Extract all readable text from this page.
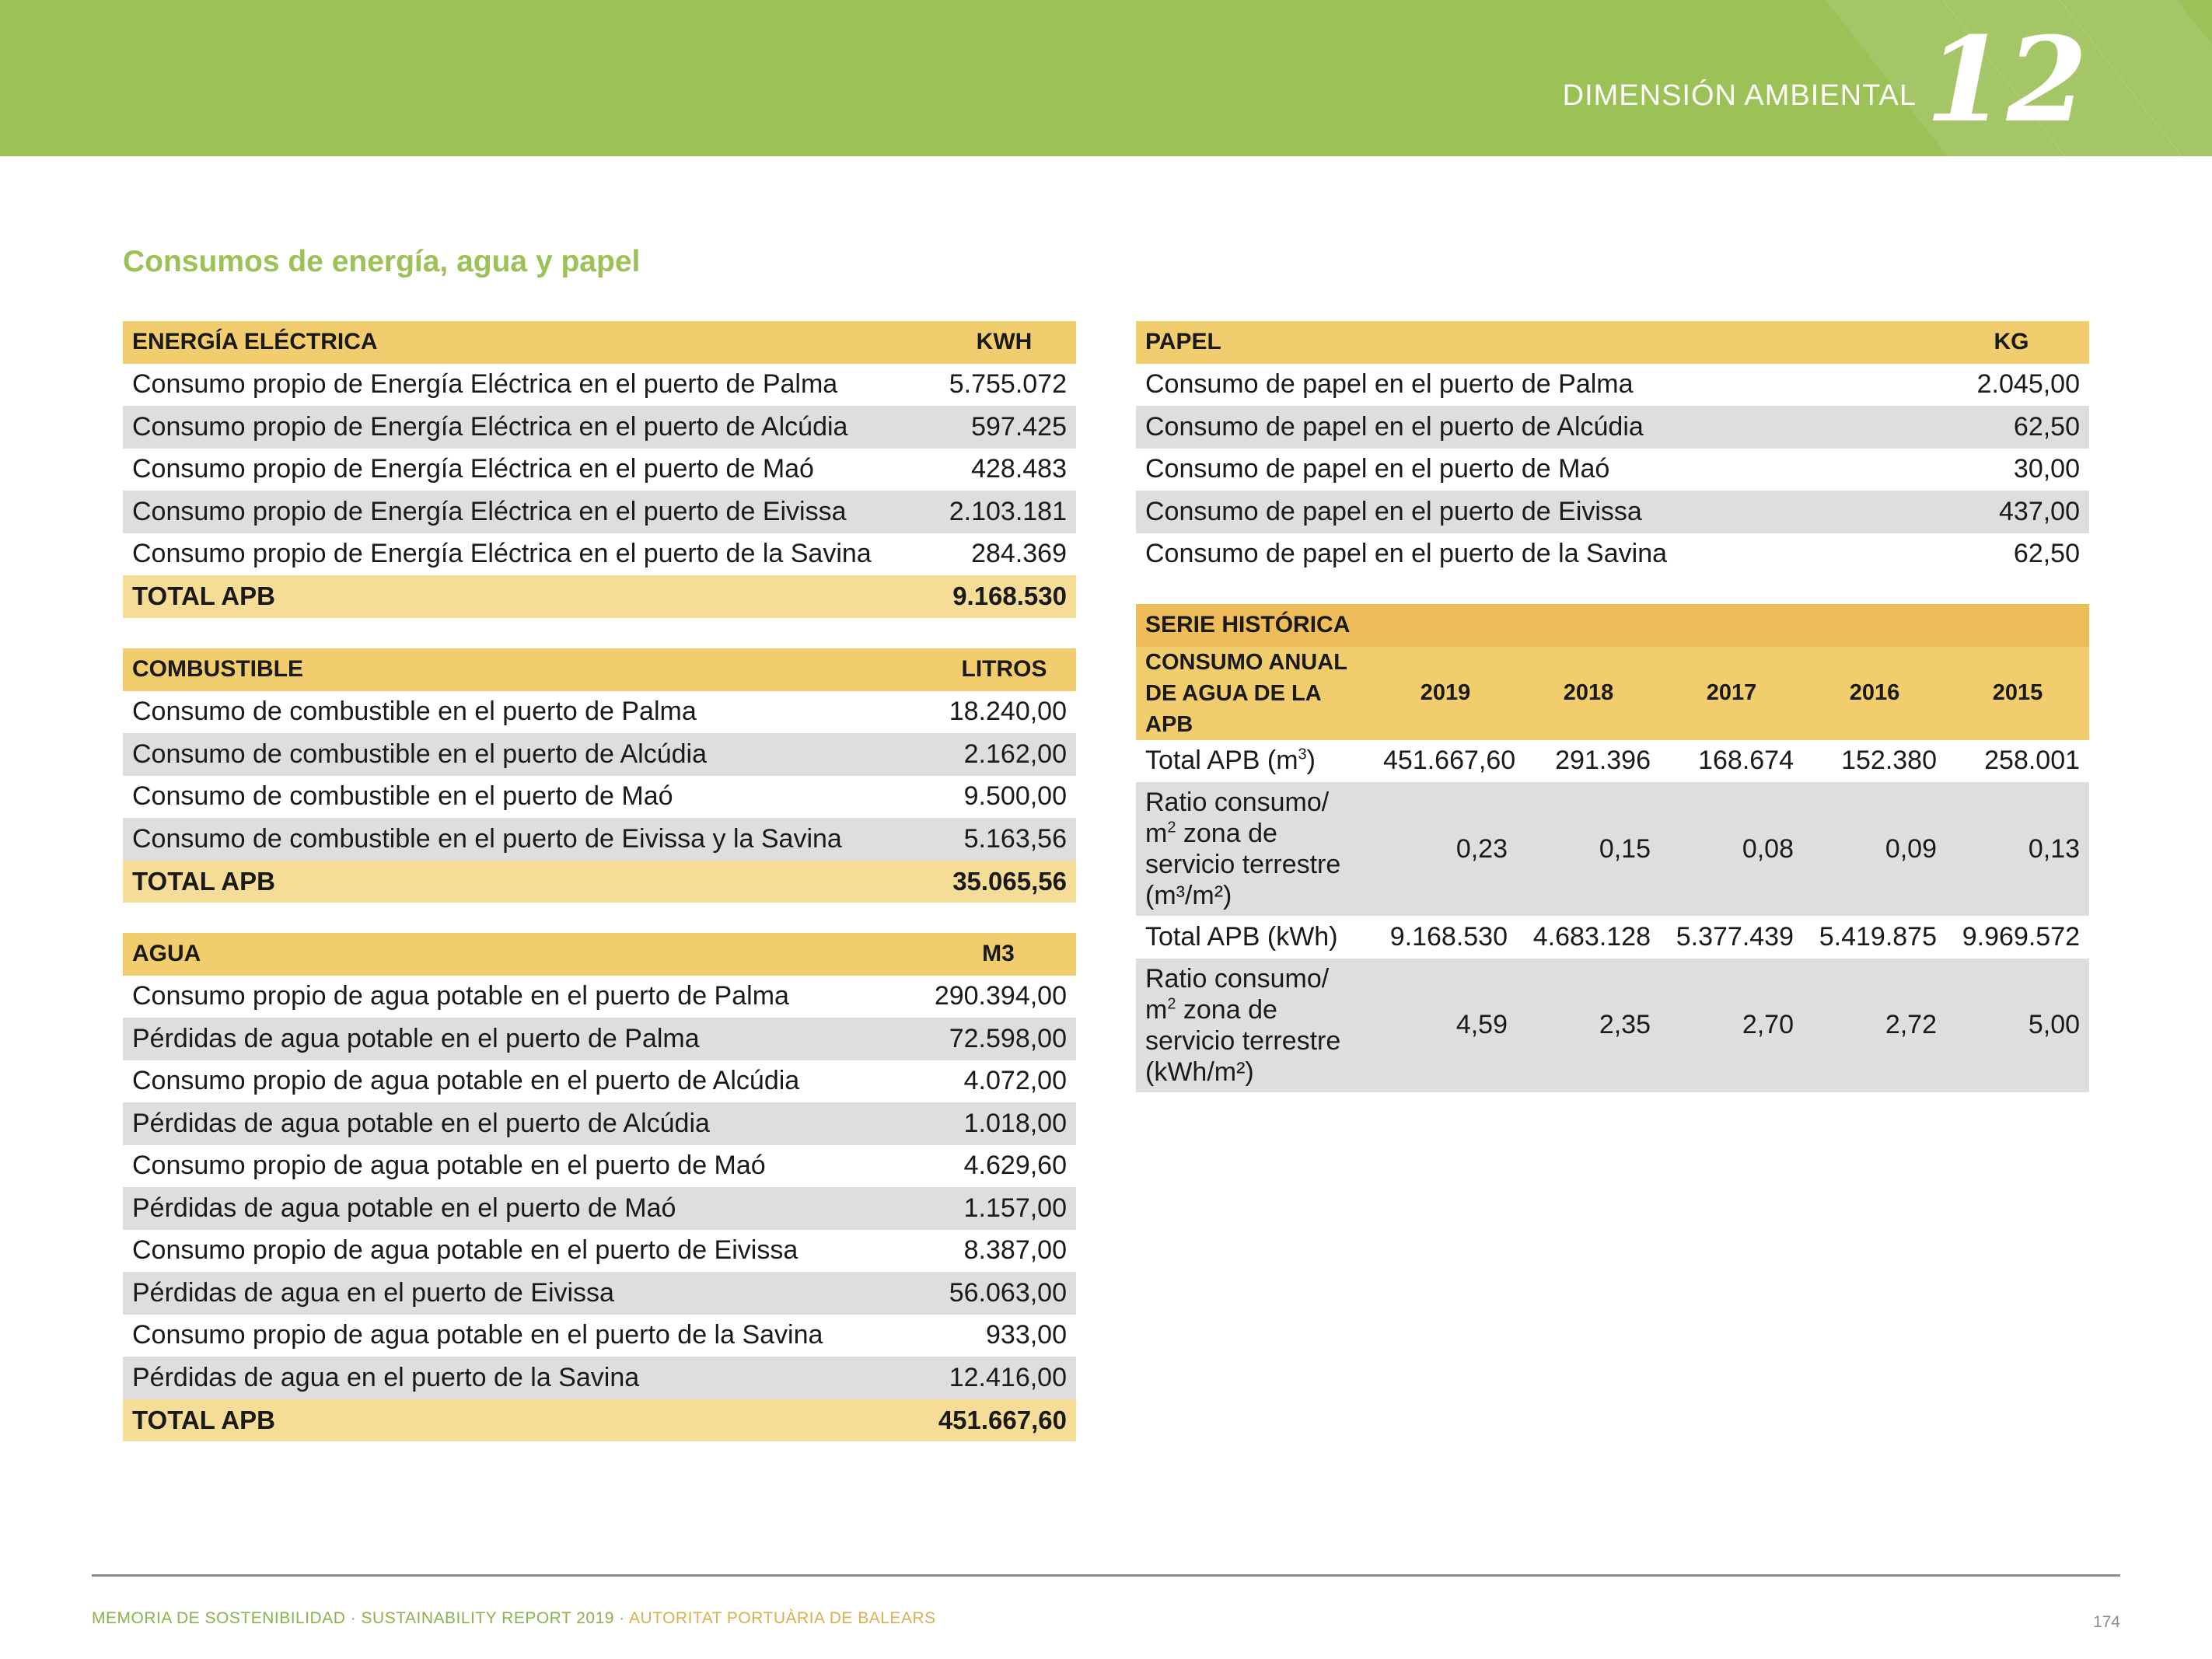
DIMENSIÓN AMBIENTAL 12
Consumos de energía, agua y papel
ENERGÍA ELÉCTRICA	KWH
Consumo propio de Energía Eléctrica en el puerto de Palma	5.755.072
Consumo propio de Energía Eléctrica en el puerto de Alcúdia	597.425
Consumo propio de Energía Eléctrica en el puerto de Maó	428.483
Consumo propio de Energía Eléctrica en el puerto de Eivissa	2.103.181
Consumo propio de Energía Eléctrica en el puerto de la Savina	284.369
TOTAL APB	9.168.530
COMBUSTIBLE	LITROS
Consumo de combustible en el puerto de Palma	18.240,00
Consumo de combustible en el puerto de Alcúdia	2.162,00
Consumo de combustible en el puerto de Maó	9.500,00
Consumo de combustible en el puerto de Eivissa y la Savina	5.163,56
TOTAL APB	35.065,56
AGUA	M3
Consumo propio de agua potable en el puerto de Palma	290.394,00
Pérdidas de agua potable en el puerto de Palma	72.598,00
Consumo propio de agua potable en el puerto de Alcúdia	4.072,00
Pérdidas de agua potable en el puerto de Alcúdia	1.018,00
Consumo propio de agua potable en el puerto de Maó	4.629,60
Pérdidas de agua potable en el puerto de Maó	1.157,00
Consumo propio de agua potable en el puerto de Eivissa	8.387,00
Pérdidas de agua en el puerto de Eivissa	56.063,00
Consumo propio de agua potable en el puerto de la Savina	933,00
Pérdidas de agua en el puerto de la Savina	12.416,00
TOTAL APB	451.667,60
PAPEL	KG
Consumo de papel en el puerto de Palma	2.045,00
Consumo de papel en el puerto de Alcúdia	62,50
Consumo de papel en el puerto de Maó	30,00
Consumo de papel en el puerto de Eivissa	437,00
Consumo de papel en el puerto de la Savina	62,50
SERIE HISTÓRICA					
CONSUMO ANUAL DE AGUA DE LA APB	2019	2018	2017	2016	2015
Total APB $(m^3)$	451.667,60	291.396	168.674	152.380	258.001
Ratio consumo/ $m^2$ zona de servicio terrestre (m³/m²)	0,23	0,15	0,08	0,09	0,13
Total APB (kWh)	9.168.530	4.683.128	5.377.439	5.419.875	9.969.572
Ratio consumo/ $m^2$ zona de servicio terrestre (kWh/m²)	4,59	2,35	2,70	2,72	5,00
MEMORIA DE SOSTENIBILIDAD · SUSTAINABILITY REPORT 2019 · AUTORITAT PORTUÀRIA DE BALEARS	174
